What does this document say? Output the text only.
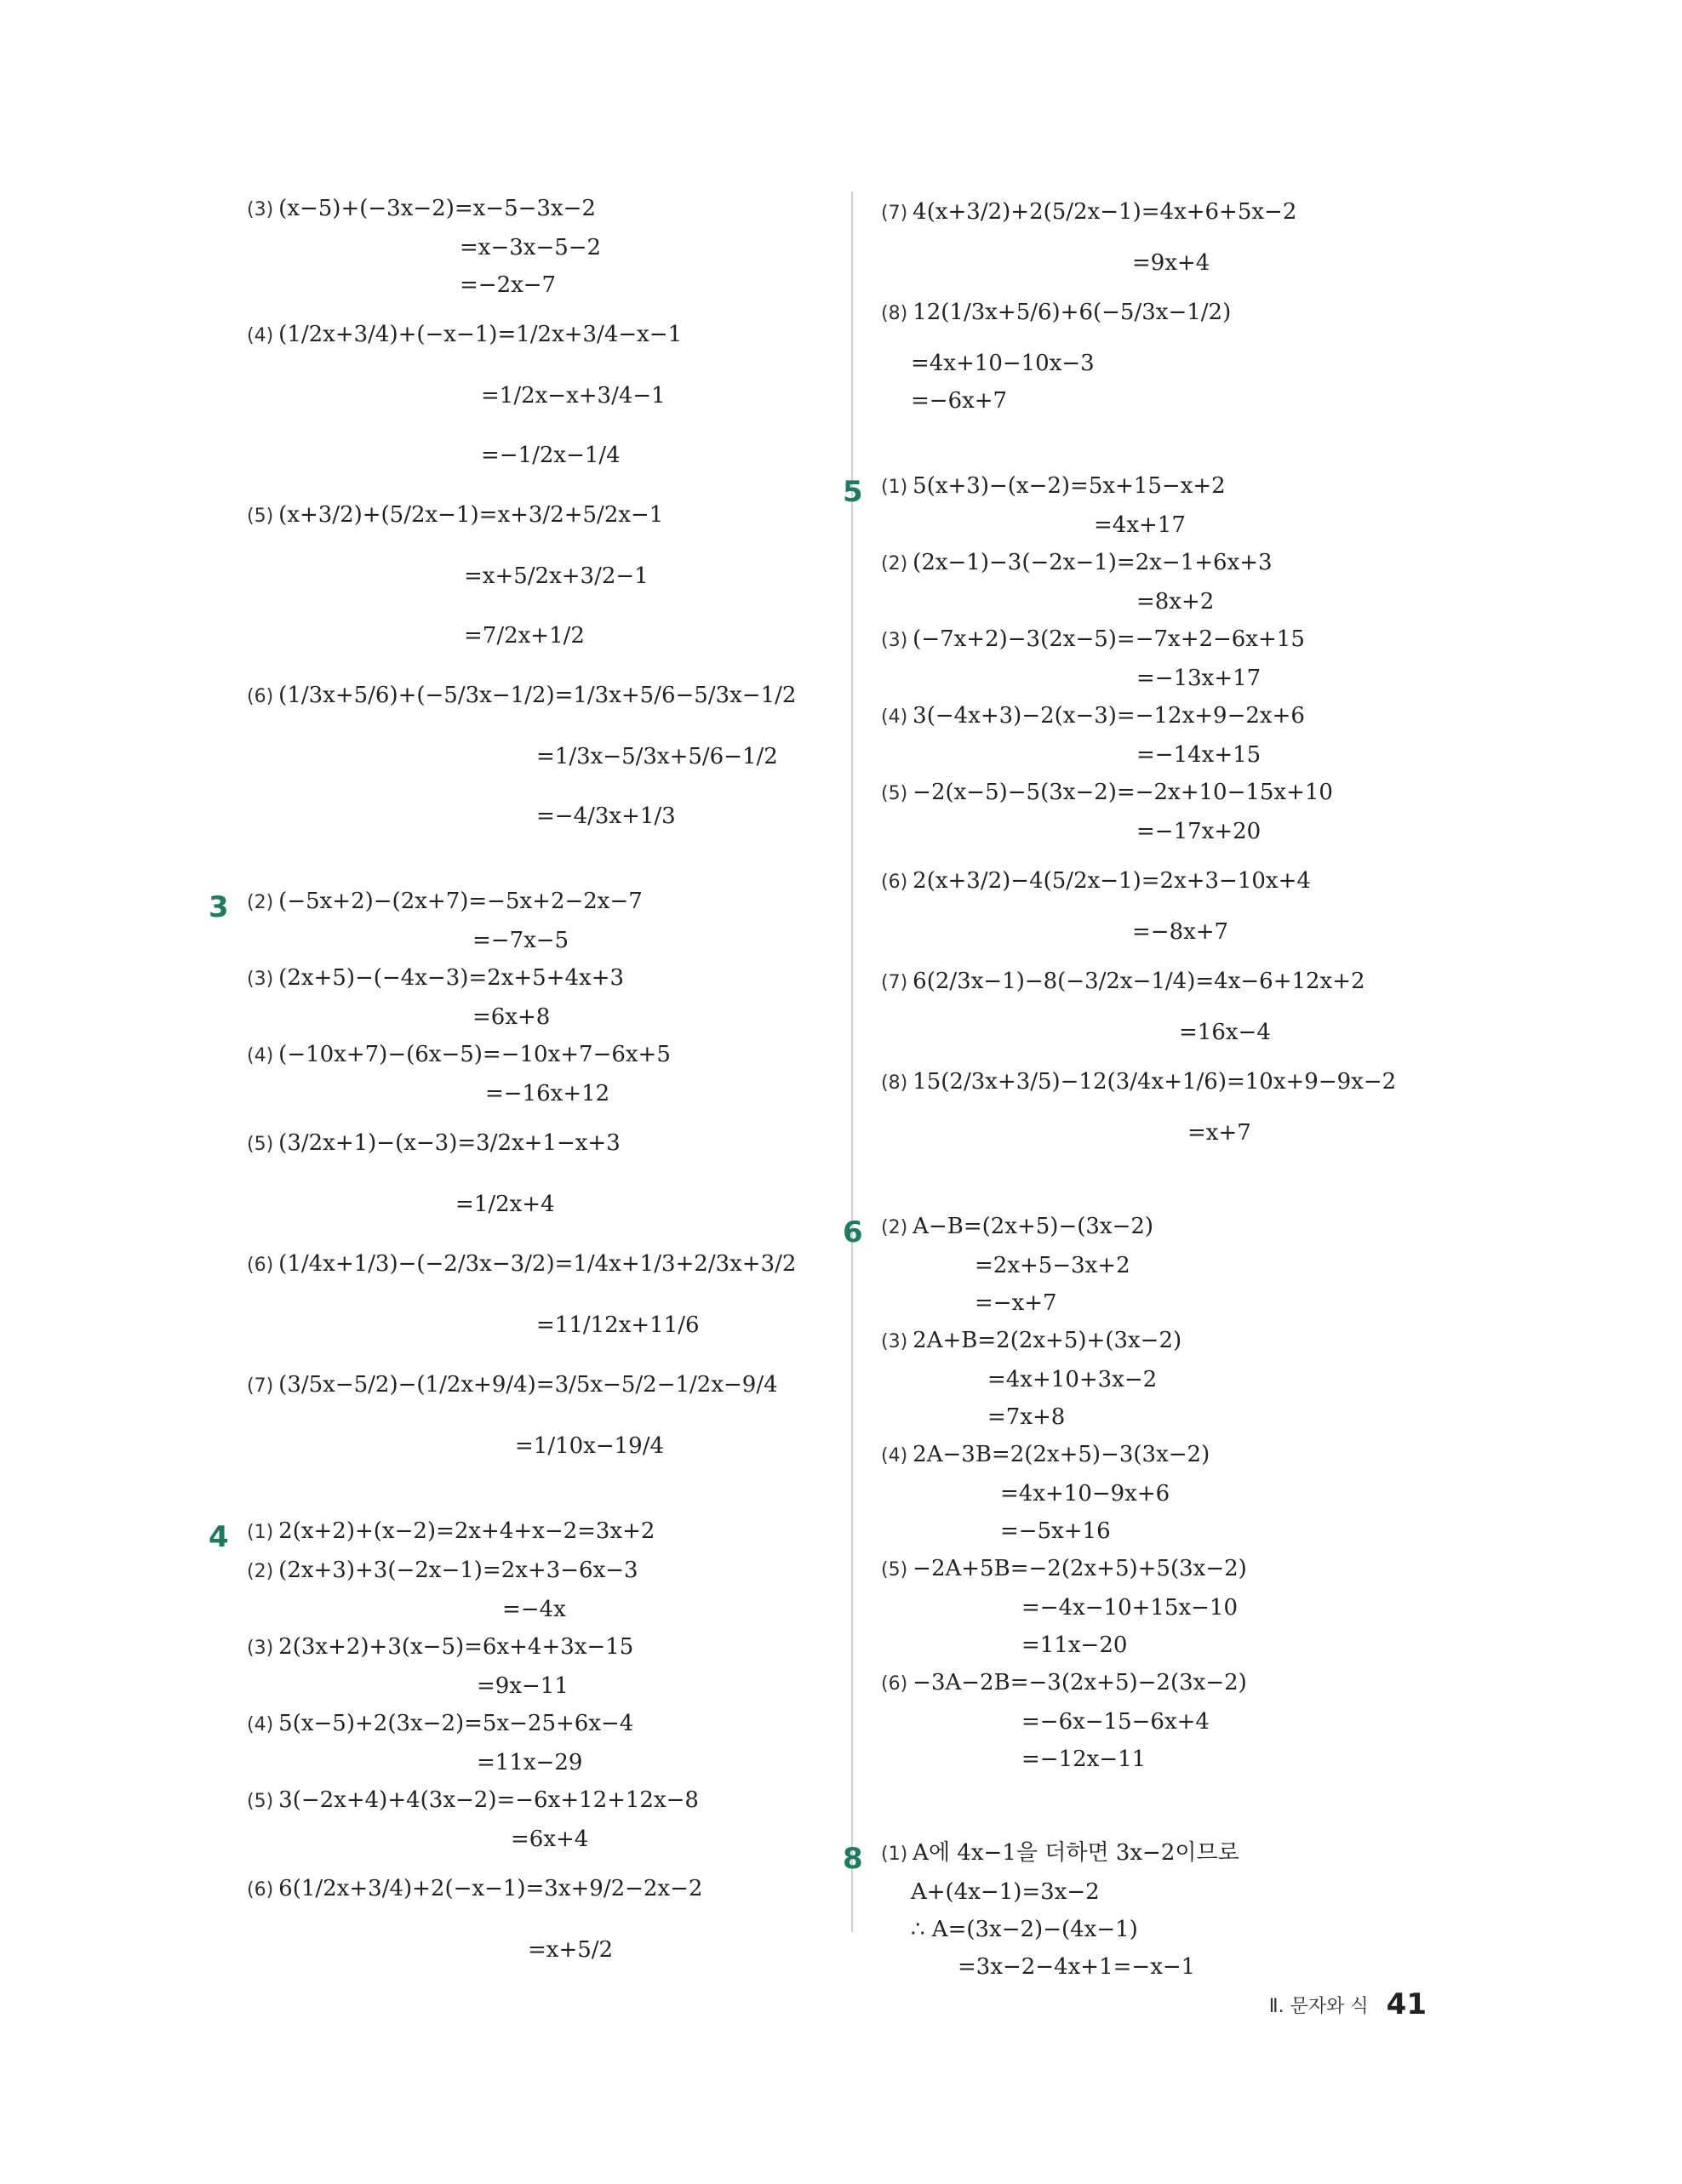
(3) (x−5)+(−3x−2)=x−5−3x−2
=x−3x−5−2
=−2x−7
(4) (1/2x+3/4)+(−x−1)=1/2x+3/4−x−1
=1/2x−x+3/4−1
=−1/2x−1/4
(5) (x+3/2)+(5/2x−1)=x+3/2+5/2x−1
=x+5/2x+3/2−1
=7/2x+1/2
(6) (1/3x+5/6)+(−5/3x−1/2)=1/3x+5/6−5/3x−1/2
=1/3x−5/3x+5/6−1/2
=−4/3x+1/3
3 (2) (−5x+2)−(2x+7)=−5x+2−2x−7
=−7x−5
(3) (2x+5)−(−4x−3)=2x+5+4x+3
=6x+8
(4) (−10x+7)−(6x−5)=−10x+7−6x+5
=−16x+12
(5) (3/2x+1)−(x−3)=3/2x+1−x+3
=1/2x+4
(6) (1/4x+1/3)−(−2/3x−3/2)=1/4x+1/3+2/3x+3/2
=11/12x+11/6
(7) (3/5x−5/2)−(1/2x+9/4)=3/5x−5/2−1/2x−9/4
=1/10x−19/4
4 (1) 2(x+2)+(x−2)=2x+4+x−2=3x+2
(2) (2x+3)+3(−2x−1)=2x+3−6x−3
=−4x
(3) 2(3x+2)+3(x−5)=6x+4+3x−15
=9x−11
(4) 5(x−5)+2(3x−2)=5x−25+6x−4
=11x−29
(5) 3(−2x+4)+4(3x−2)=−6x+12+12x−8
=6x+4
(6) 6(1/2x+3/4)+2(−x−1)=3x+9/2−2x−2
=x+5/2
(7) 4(x+3/2)+2(5/2x−1)=4x+6+5x−2
=9x+4
(8) 12(1/3x+5/6)+6(−5/3x−1/2)
=4x+10−10x−3
=−6x+7
5 (1) 5(x+3)−(x−2)=5x+15−x+2
=4x+17
(2) (2x−1)−3(−2x−1)=2x−1+6x+3
=8x+2
(3) (−7x+2)−3(2x−5)=−7x+2−6x+15
=−13x+17
(4) 3(−4x+3)−2(x−3)=−12x+9−2x+6
=−14x+15
(5) −2(x−5)−5(3x−2)=−2x+10−15x+10
=−17x+20
(6) 2(x+3/2)−4(5/2x−1)=2x+3−10x+4
=−8x+7
(7) 6(2/3x−1)−8(−3/2x−1/4)=4x−6+12x+2
=16x−4
(8) 15(2/3x+3/5)−12(3/4x+1/6)=10x+9−9x−2
=x+7
6 (2) A−B=(2x+5)−(3x−2)
=2x+5−3x+2
=−x+7
(3) 2A+B=2(2x+5)+(3x−2)
=4x+10+3x−2
=7x+8
(4) 2A−3B=2(2x+5)−3(3x−2)
=4x+10−9x+6
=−5x+16
(5) −2A+5B=−2(2x+5)+5(3x−2)
=−4x−10+15x−10
=11x−20
(6) −3A−2B=−3(2x+5)−2(3x−2)
=−6x−15−6x+4
=−12x−11
8 (1) A에 4x−1을 더하면 3x−2이므로
A+(4x−1)=3x−2
∴ A=(3x−2)−(4x−1)
=3x−2−4x+1=−x−1
Ⅱ. 문자와 식 41
